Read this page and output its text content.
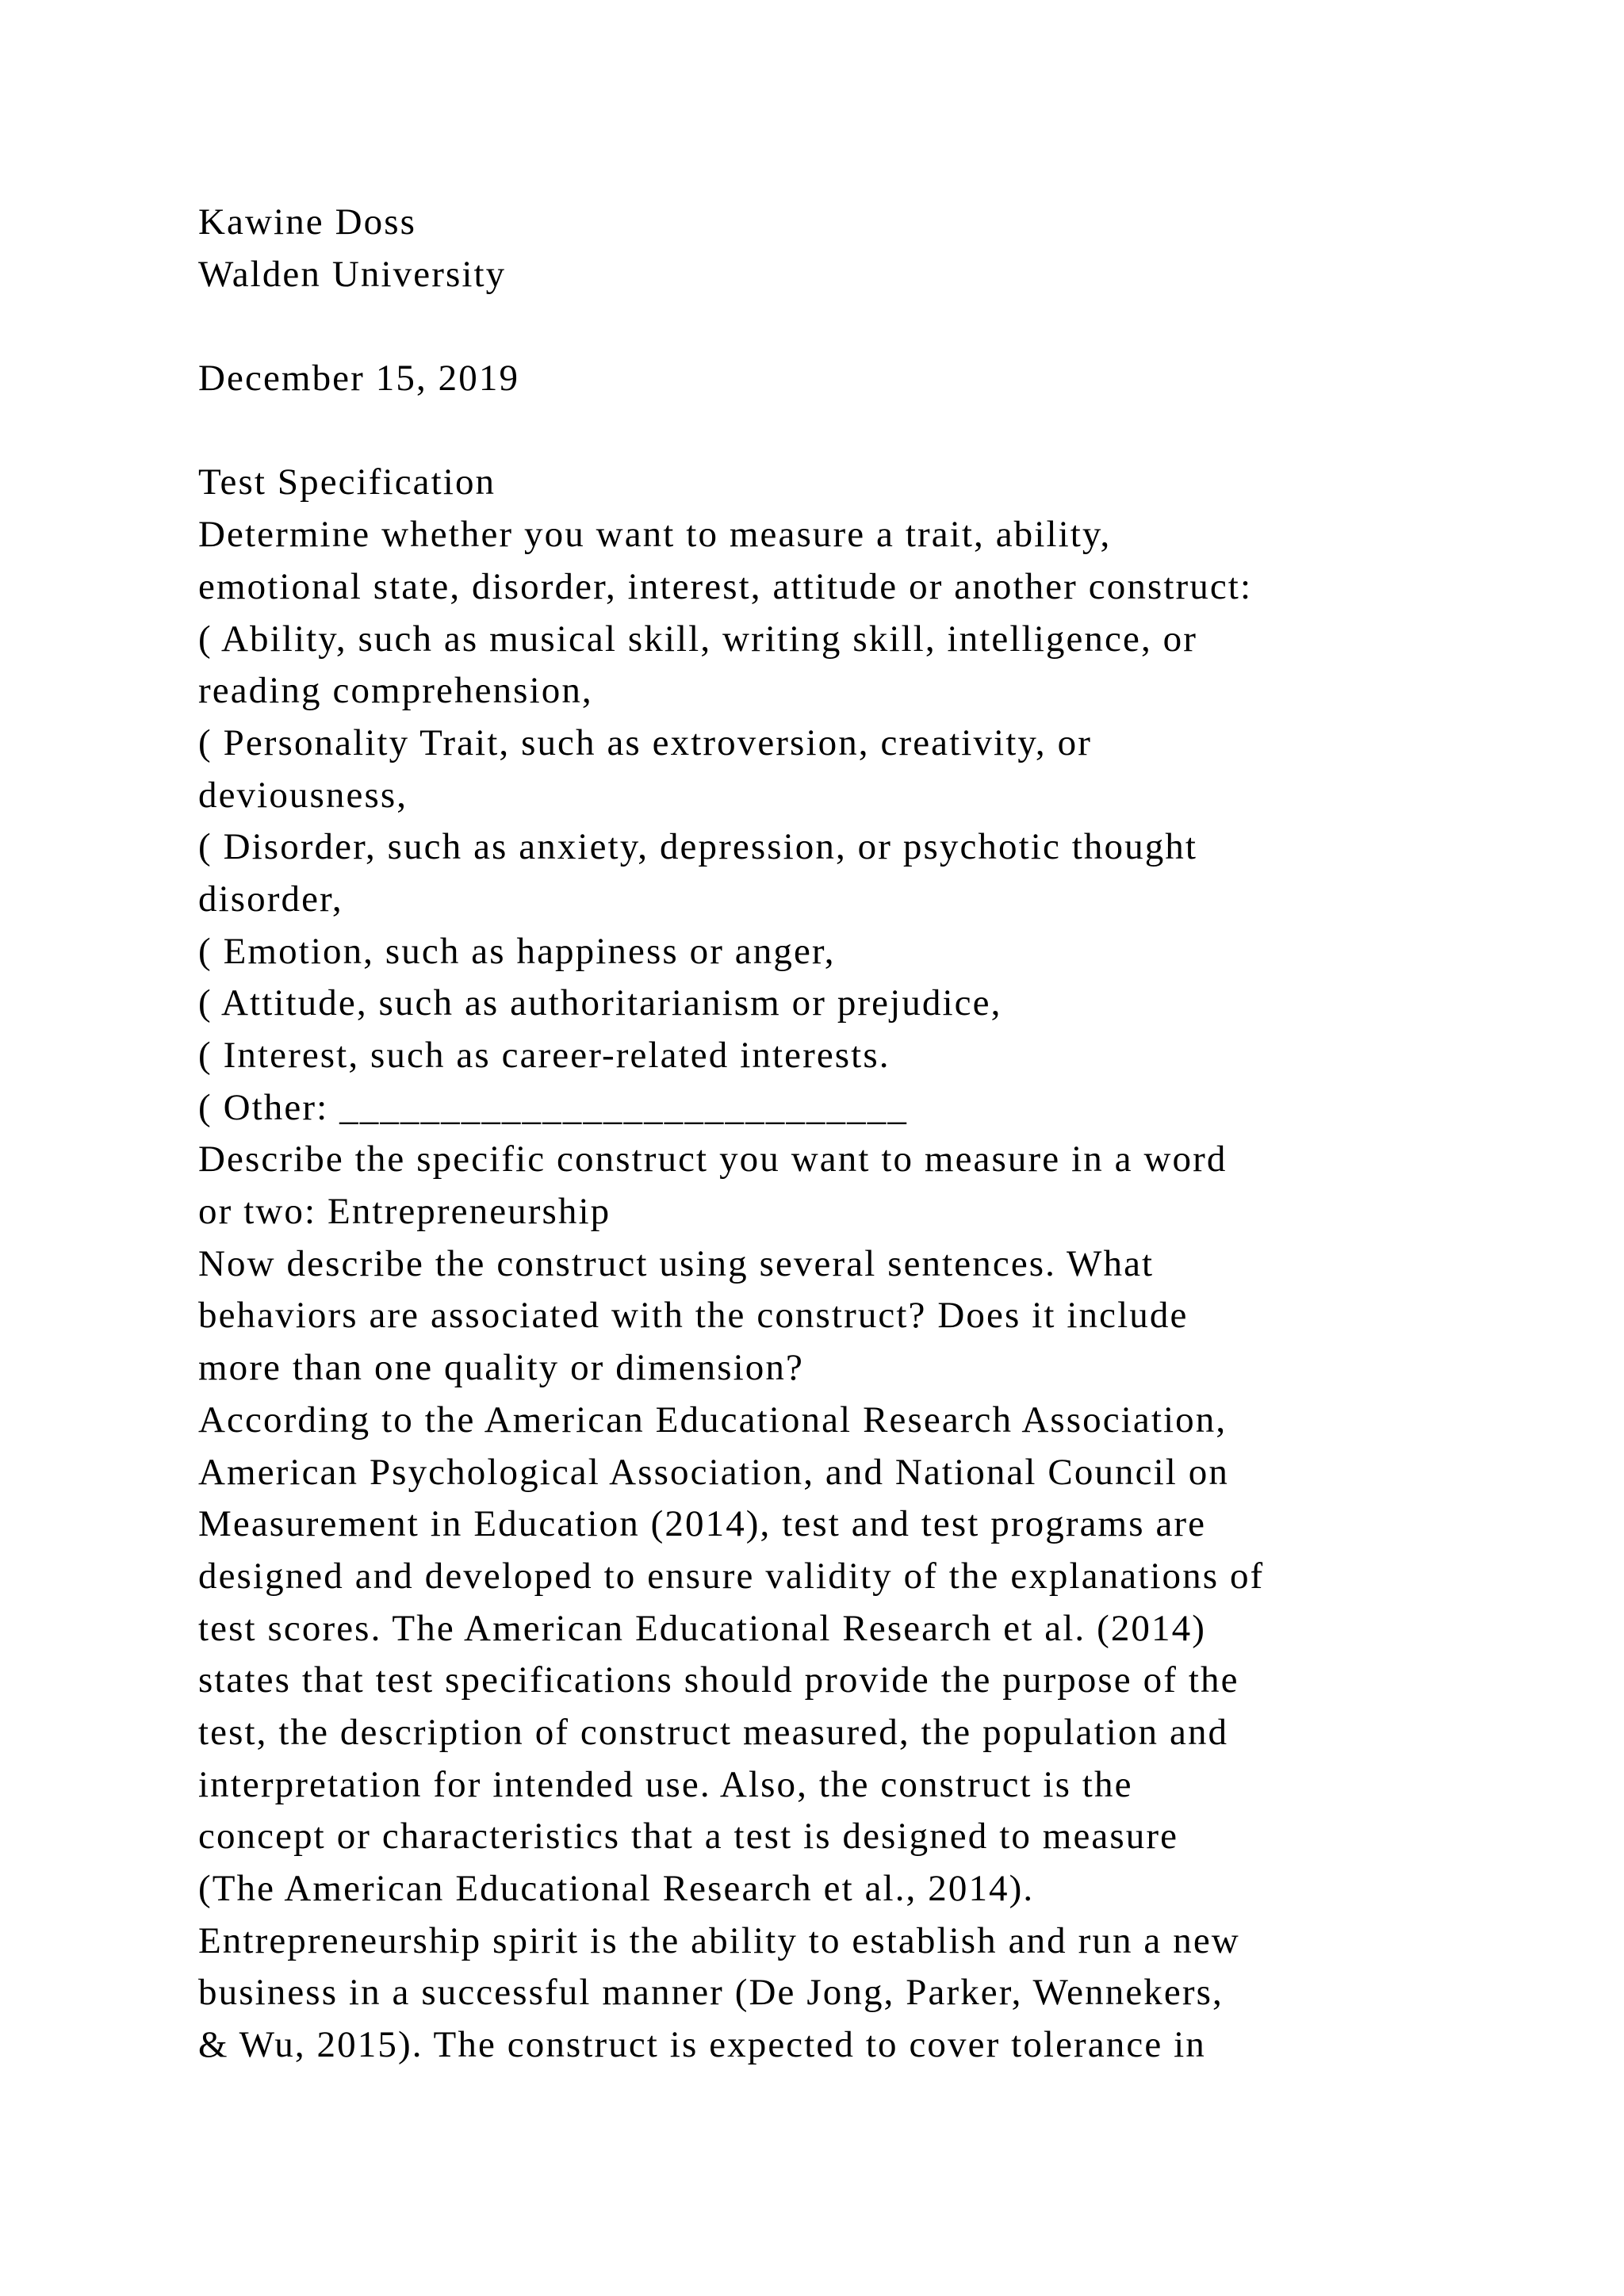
Kawine Doss
Walden University
December 15, 2019
Test Specification
Determine whether you want to measure a trait, ability,
emotional state, disorder, interest, attitude or another construct:
( Ability, such as musical skill, writing skill, intelligence, or
reading comprehension,
( Personality Trait, such as extroversion, creativity, or
deviousness,
( Disorder, such as anxiety, depression, or psychotic thought
disorder,
( Emotion, such as happiness or anger,
( Attitude, such as authoritarianism or prejudice,
( Interest, such as career-related interests.
( Other: ____________________________
Describe the specific construct you want to measure in a word
or two: Entrepreneurship
Now describe the construct using several sentences. What
behaviors are associated with the construct? Does it include
more than one quality or dimension?
According to the American Educational Research Association,
American Psychological Association, and National Council on
Measurement in Education (2014), test and test programs are
designed and developed to ensure validity of the explanations of
test scores. The American Educational Research et al. (2014)
states that test specifications should provide the purpose of the
test, the description of construct measured, the population and
interpretation for intended use. Also, the construct is the
concept or characteristics that a test is designed to measure
(The American Educational Research et al., 2014).
Entrepreneurship spirit is the ability to establish and run a new
business in a successful manner (De Jong, Parker, Wennekers,
& Wu, 2015). The construct is expected to cover tolerance in
